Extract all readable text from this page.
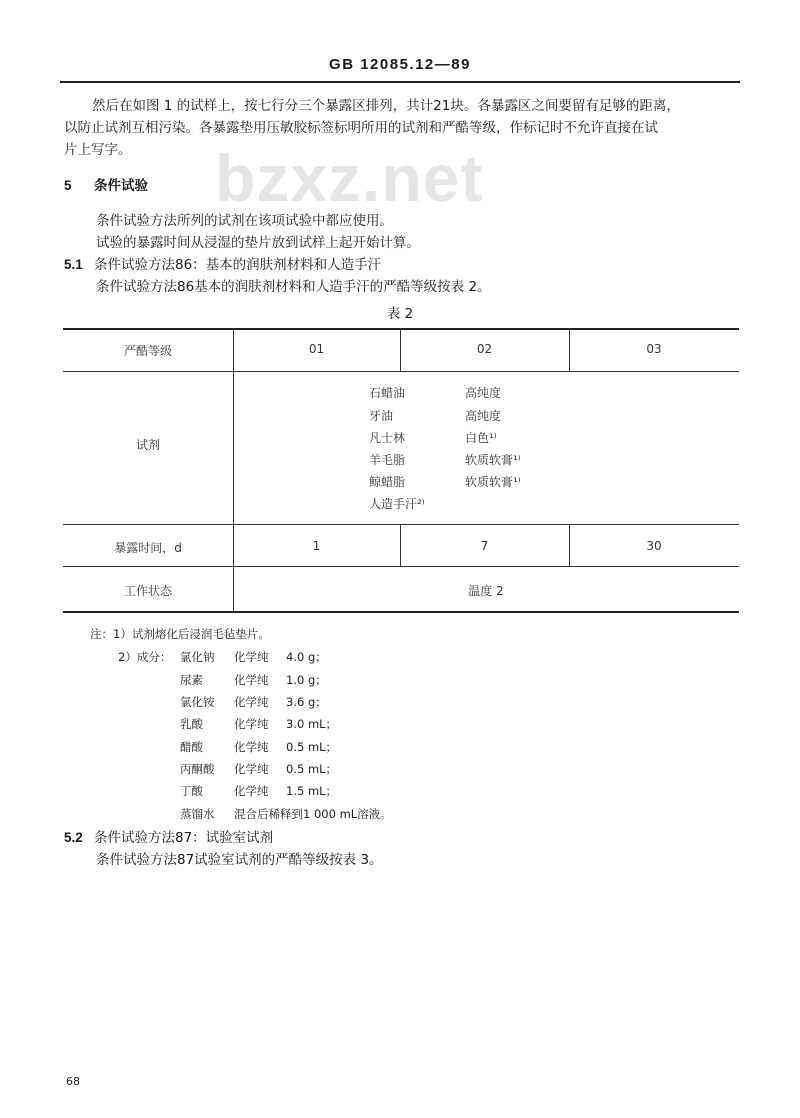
GB 12085.12—89
bzxz.net
然后在如图 1 的试样上，按七行分三个暴露区排列，共计21块。各暴露区之间要留有足够的距离，
以防止试剂互相污染。各暴露垫用压敏胶标签标明所用的试剂和严酷等级，作标记时不允许直接在试
片上写字。
5 条件试验
条件试验方法所列的试剂在该项试验中都应使用。
试验的暴露时间从浸湿的垫片放到试样上起开始计算。
5.1 条件试验方法86：基本的润肤剂材料和人造手汗
条件试验方法86基本的润肤剂材料和人造手汗的严酷等级按表 2。
表 2
严酷等级	01	02	03
试剂
石蜡油	高纯度
牙油	高纯度
凡士林	白色¹⁾
羊毛脂	软质软膏¹⁾
鲸蜡脂	软质软膏¹⁾
人造手汗²⁾
暴露时间，d	1	7	30
工作状态	温度 2
注：1）试剂熔化后浸润毛毡垫片。
2）成分： 氯化钠 化学纯 4.0 g；
尿素	化学纯 1.0 g；
氯化铵 化学纯 3.6 g；
乳酸	化学纯 3.0 mL；
醋酸	化学纯 0.5 mL；
丙酮酸 化学纯 0.5 mL；
丁酸	化学纯 1.5 mL；
蒸馏水 混合后稀释到1 000 mL溶液。
5.2 条件试验方法87：试验室试剂
条件试验方法87试验室试剂的严酷等级按表 3。
68
